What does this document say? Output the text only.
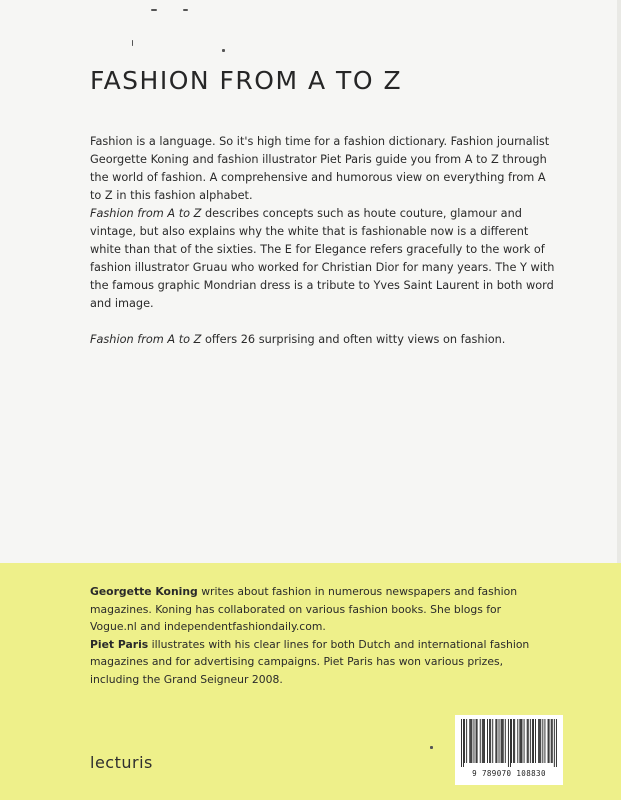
FASHION FROM A TO Z

Fashion is a language. So it's high time for a fashion dictionary. Fashion journalist Georgette Koning and fashion illustrator Piet Paris guide you from A to Z through the world of fashion. A comprehensive and humorous view on everything from A to Z in this fashion alphabet.

Fashion from A to Z describes concepts such as houte couture, glamour and vintage, but also explains why the white that is fashionable now is a different white than that of the sixties. The E for Elegance refers gracefully to the work of fashion illustrator Gruau who worked for Christian Dior for many years. The Y with the famous graphic Mondrian dress is a tribute to Yves Saint Laurent in both word and image.

Fashion from A to Z offers 26 surprising and often witty views on fashion.

Georgette Koning writes about fashion in numerous newspapers and fashion magazines. Koning has collaborated on various fashion books. She blogs for Vogue.nl and independentfashiondaily.com.

Piet Paris illustrates with his clear lines for both Dutch and international fashion magazines and for advertising campaigns. Piet Paris has won various prizes, including the Grand Seigneur 2008.

lecturis
9 789070 108830
